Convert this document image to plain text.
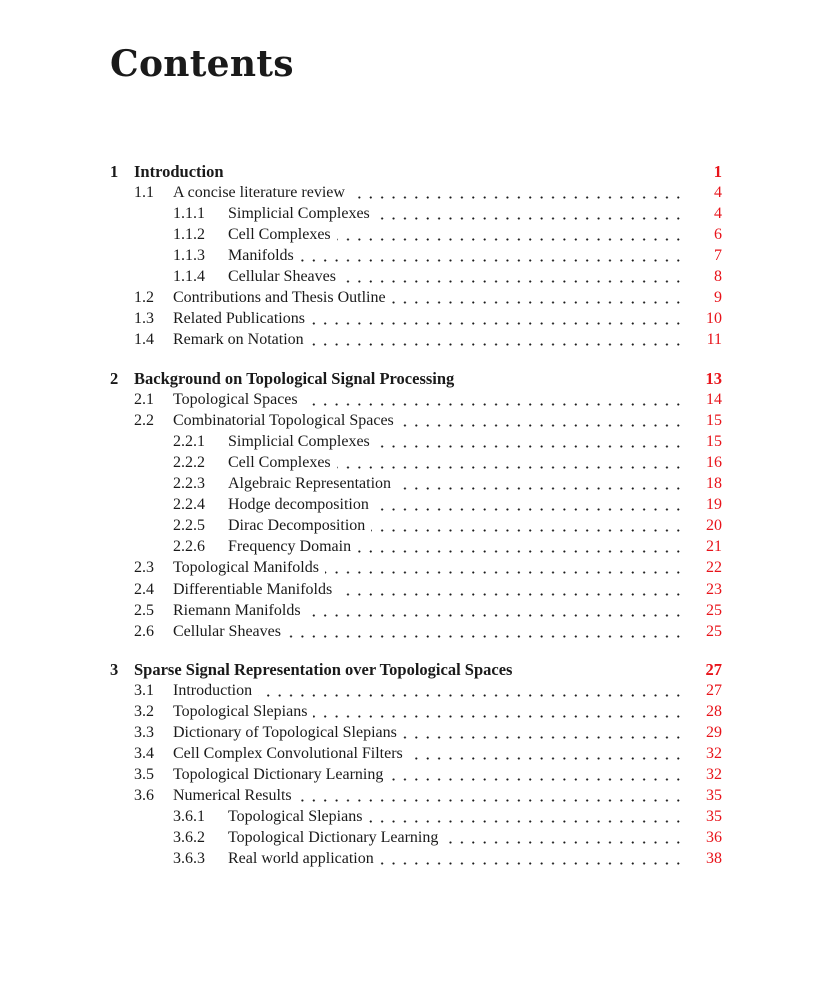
Contents
1 Introduction	1
1.1 A concise literature review	4
1.1.1 Simplicial Complexes	4
1.1.2 Cell Complexes	6
1.1.3 Manifolds	7
1.1.4 Cellular Sheaves	8
1.2 Contributions and Thesis Outline	9
1.3 Related Publications	10
1.4 Remark on Notation	11
2 Background on Topological Signal Processing	13
2.1 Topological Spaces	14
2.2 Combinatorial Topological Spaces	15
2.2.1 Simplicial Complexes	15
2.2.2 Cell Complexes	16
2.2.3 Algebraic Representation	18
2.2.4 Hodge decomposition	19
2.2.5 Dirac Decomposition	20
2.2.6 Frequency Domain	21
2.3 Topological Manifolds	22
2.4 Differentiable Manifolds	23
2.5 Riemann Manifolds	25
2.6 Cellular Sheaves	25
3 Sparse Signal Representation over Topological Spaces	27
3.1 Introduction	27
3.2 Topological Slepians	28
3.3 Dictionary of Topological Slepians	29
3.4 Cell Complex Convolutional Filters	32
3.5 Topological Dictionary Learning	32
3.6 Numerical Results	35
3.6.1 Topological Slepians	35
3.6.2 Topological Dictionary Learning	36
3.6.3 Real world application	38
